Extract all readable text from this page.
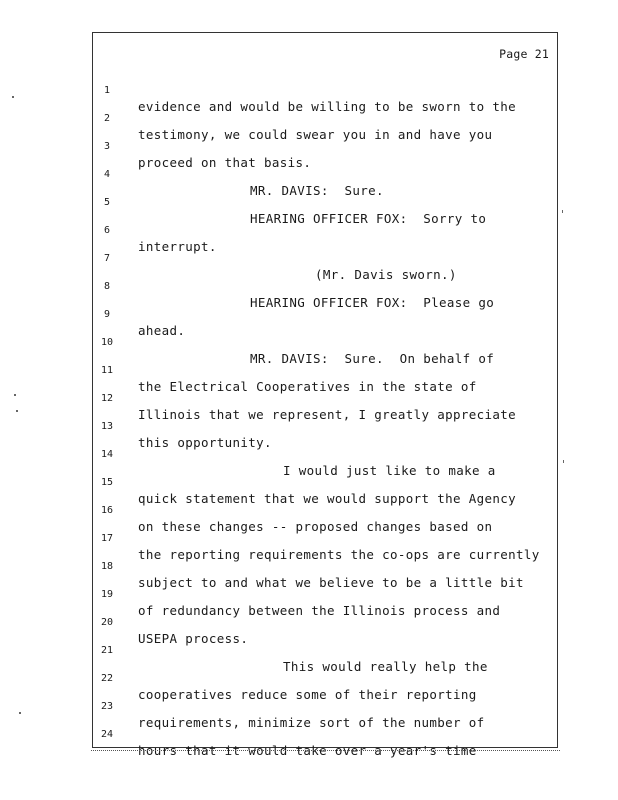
Page 21

1

evidence and would be willing to be sworn to the

2

testimony, we could swear you in and have you

3

proceed on that basis.

4

MR. DAVIS:  Sure.

5

HEARING OFFICER FOX:  Sorry to

6

interrupt.

7

(Mr. Davis sworn.)

8

HEARING OFFICER FOX:  Please go

9

ahead.

10

MR. DAVIS:  Sure.  On behalf of

11

the Electrical Cooperatives in the state of

12

Illinois that we represent, I greatly appreciate

13

this opportunity.

14

I would just like to make a

15

quick statement that we would support the Agency

16

on these changes -- proposed changes based on

17

the reporting requirements the co-ops are currently

18

subject to and what we believe to be a little bit

19

of redundancy between the Illinois process and

20

USEPA process.

21

This would really help the

22

cooperatives reduce some of their reporting

23

requirements, minimize sort of the number of

24

hours that it would take over a year's time
